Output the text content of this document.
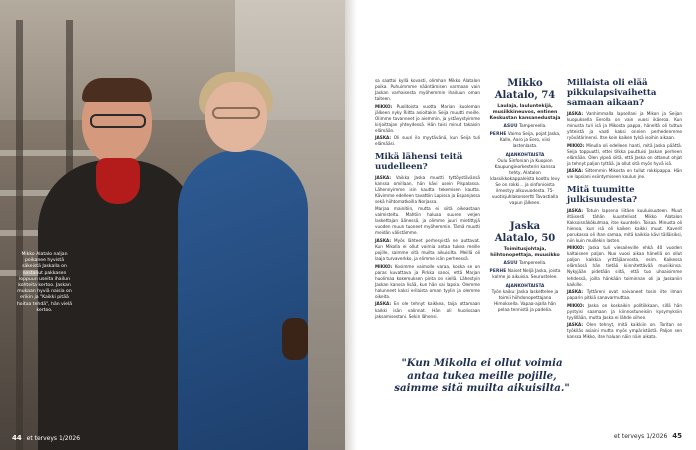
Mikko Alatalo naljan poikanee hyvistä säkeistä Jaskalla on nostanut pakkasen loppuun useita ihailun kohteita kertoo. Jaskan mukaan hyviä naisia on erikin ja "Kaikki pitää hoitaa tehdä", hän vielä kertoo.
44 et terveys 1/2026

sa saattoi kyllä kovasti, olimhan Mikko Alatalon poika. Puhuimmme nääntämisen varmaan vain Jaskan varhaisesta myöhemmin ihailuun oman taiteen.

MIKKO: Puolitoista vuotta Marian kuoleman jälkeen nyky Riitta asioitakin Seija muutti meille. Olimme tavanneet jo aiemmin, ja ystävystyimme kirjoittajan yhteydessä. Hän toisi minut takaisin elämään.

JASKA: Oli suuri ilo myytävänä, kun Seija tuli elämääsi.

Mikä lähensi teitä uudelleen?

JASKA: Vaikka Jaska muutti tyttöystävänsä kanssa omillaan, hän kävi usein Pispalassa. Lähennyimme isin kautta tekemisen kautta. Kävimme edelleen tavattiin Lapissa ja Espanjassa sekä hiihtomatkoilla Norjassa.

Marjaa mainitiin, mutta ei siitä oikeastaan valmisteltu. Mahtiin haluaa suuren veljen laskettajan äänessä, ja olimme juuri mietittyjä vuoden muun tuoneet myöhemmin. Tämä muutti meidän välistämme.

JASKA: Myös lähteet perhesyistä ne auttavat. Kun Mikolla ei ollut voimia antaa tukea meille pojille, saimme sitä muilta aikuisilta. Meillä oli laaja turvaverkko, ja elimme isän perheessä.

MIKKO: Kosimme vaimolle varaa, koska se on paras kuvattava ja Pirkka sanoi, että Marjan huolimaa kokemuksen pinta on siellä. Lähestyin Jaskan kanssa lisää, kun hän sai lapsia. Olemme halunneet kaksi erilaista oman tyylin ja olemme oikeita.

JASKA: En ole tehnyt kaikkea, taija ottamaan kaikki isän valinnat. Hän oli huolissaan jaksamisestani. Sekin lähensi.

Mikko Alatalo, 74
Laulaja, lauluntekijä, musiikkineuvos, entinen Keskustan kansanedustaja
ASUU Tampereella.
PERHE Vaimo Seija, pojat Jaska, Kalle, Aaro ja Eero, viisi lastenlasta.
AJANKOHTAISTA
Oulu Sinfonian ja Kuopion Kaupunginorkesterin kanssa tehty, Alatalon klassikkokappaleista koottu levy Se on rokki... ja sinfonioista ilmestyy alkuvuodesta. 75-vuotisjuhlakonsertti Tavastialla vapun jälkeen.
Jaska Alatalo, 50
Toimitusjohtaja, hiihtonopettaja, muusikko
ASUU Tampereella.
PERHE Naiset Neljä Jaska, joista kolme jo aikuisia. Seurustelee.
AJANKOHTAISTA
Työn kaiku: Jaska laskettelee ja toimii hiihdonopettajana Himoksella. Vapaa-ajalla hän pelaa tennistä ja padelia.
"Kun Mikolla ei ollut voimia antaa tukea meille pojille, saimme sitä muilta aikuisilta."
Millaista oli elää pikkulapsivaihetta samaan aikaan?

JASKA: Vanhimmalla lapsellani ja Mikon ja Seijan kuopuksella Eerolla on vain vuosi ikäeroa. Kun minusta tuli isä ja Mikosta pappa, häneltä oli tuttua yhteistä ja vaati kaksi onnien perhedenmme ryövätärinensi. Itse koin kaiken tylsä isoihin aikaan.

MIKKO: Minulla oli edelleen hanti, mitä Jaska päättä. Seija toppuutti, ettei tilkka puuttuisi Jaskan perheen elämään. Olen ylpeä siitä, että Jaska on ottanut ohjat ja tehnyt paljon tyttää. Ja ollut sitä myös hyvä isä.

JASKA: Sittemmin Mikosta on tullut rokkipappa. Hän vie lapsiani esiintymiseen koulun jne.

Mitä tuumitte julkisuudesta?

JASKA: Totuin lapsena liitäen kuuluisuuteen. Muut iltäisesti tähän kuuntelivat Mikko Alatalon Kaksoisnäkökulmaa, itse kuuntelin. Toisaa. Minusta oli hienoa, kun isä oli kaiken kaikki muut. Kaverit porukassa oli ihan samaa, mitä kaikkia kävi tälläisiksi, niin kuin muillekin lasten.

MIKKO: Jaska tuli viesaileville ehkä 40 vuoden kaltaiseen paljon. Nuo vuosi aikaa hänellä on ollut paljon kaikkia yrittäjäarvosta, esim. Kaikessa elämässä hän tietää kiinnitettävää musiikinsa. Nykyjään pidetään siitä, että tuo uhoaisimme lehdessä, joilla hänkään toiminnan oli ja Jaskaniin kaikille.

JASKA: Tyttäreni ovat naivaneet tosin ilte ilman paparin pitkiä sanavarmuttaa.

MIKKO: Jaska on koskaikin politiikkaan, sillä hän pystyisi saamaan ja kiinnostuneisiin kysymyksiin tyylillään, mutta Jaska ei lähde siihen.

JASKA: Olen tehnyt, mitä kaikkiin on. Toritan se työkiläs asiaini mutta myös ympäristöstä. Paljon sen kanssa Mikko, itse haluan näin näin aikata.

et terveys 1/2026 45
